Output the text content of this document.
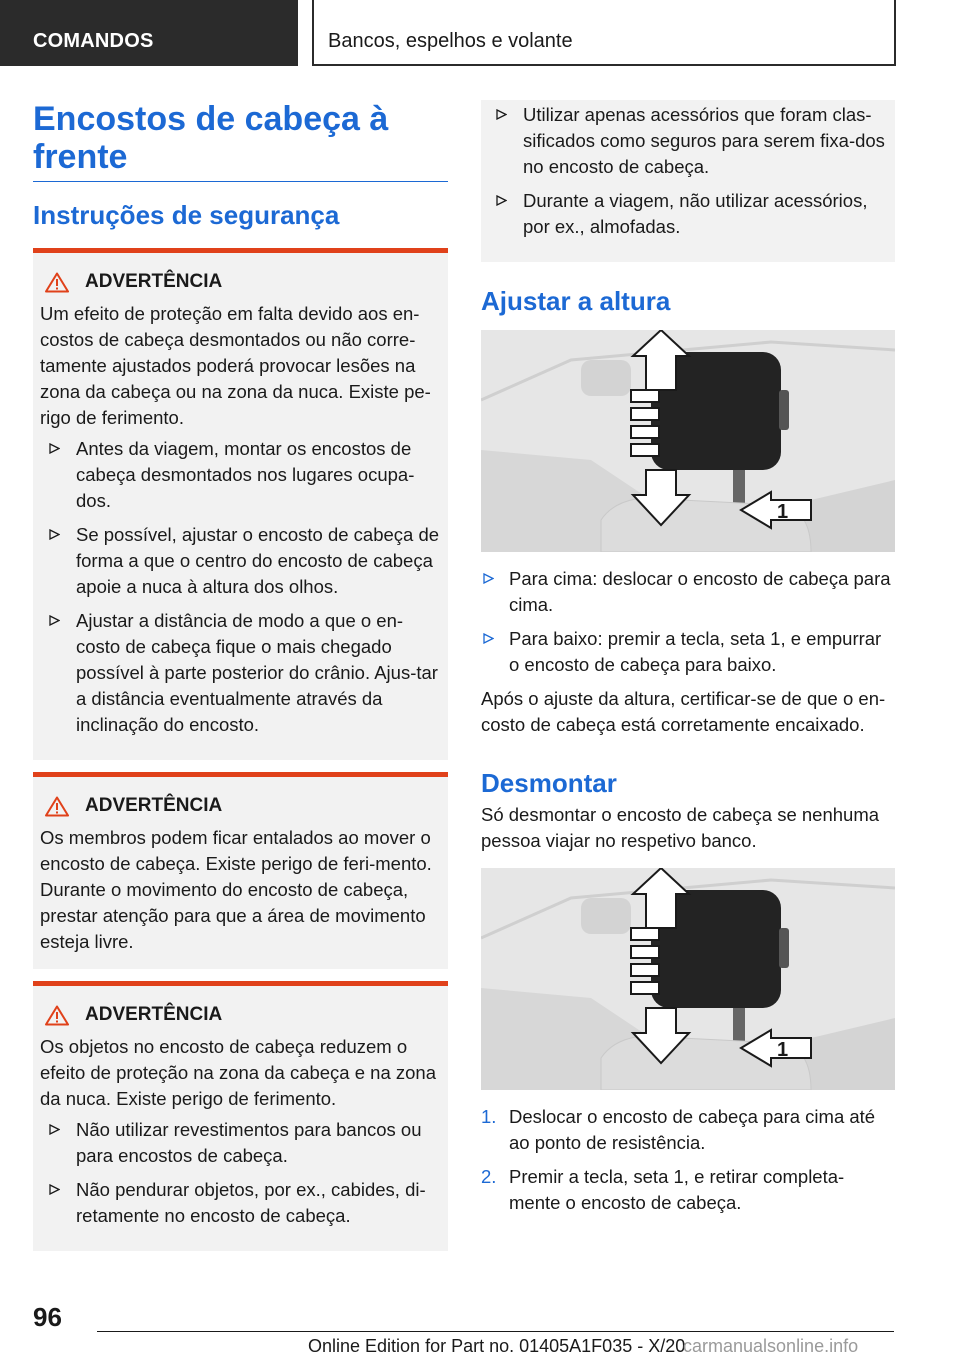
COMANDOS	Bancos, espelhos e volante
Encostos de cabeça à frente
Instruções de segurança
ADVERTÊNCIA

Um efeito de proteção em falta devido aos en-costos de cabeça desmontados ou não corre-tamente ajustados poderá provocar lesões na zona da cabeça ou na zona da nuca. Existe pe-rigo de ferimento.

Antes da viagem, montar os encostos de cabeça desmontados nos lugares ocupa-dos.
Se possível, ajustar o encosto de cabeça de forma a que o centro do encosto de cabeça apoie a nuca à altura dos olhos.
Ajustar a distância de modo a que o en-costo de cabeça fique o mais chegado possível à parte posterior do crânio. Ajus-tar a distância eventualmente através da inclinação do encosto.
ADVERTÊNCIA

Os membros podem ficar entalados ao mover o encosto de cabeça. Existe perigo de feri-mento. Durante o movimento do encosto de cabeça, prestar atenção para que a área de movimento esteja livre.

ADVERTÊNCIA

Os objetos no encosto de cabeça reduzem o efeito de proteção na zona da cabeça e na zona da nuca. Existe perigo de ferimento.

Não utilizar revestimentos para bancos ou para encostos de cabeça.
Não pendurar objetos, por ex., cabides, di-retamente no encosto de cabeça.
Utilizar apenas acessórios que foram clas-sificados como seguros para serem fixa-dos no encosto de cabeça.
Durante a viagem, não utilizar acessórios, por ex., almofadas.
Ajustar a altura
1
Para cima: deslocar o encosto de cabeça para cima.
Para baixo: premir a tecla, seta 1, e empurrar o encosto de cabeça para baixo.

Após o ajuste da altura, certificar-se de que o en-costo de cabeça está corretamente encaixado.

Desmontar

Só desmontar o encosto de cabeça se nenhuma pessoa viajar no respetivo banco.

1
1. Deslocar o encosto de cabeça para cima até ao ponto de resistência.
2. Premir a tecla, seta 1, e retirar completa-mente o encosto de cabeça.
96
Online Edition for Part no. 01405A1F035 - X/20
carmanualsonline.info
